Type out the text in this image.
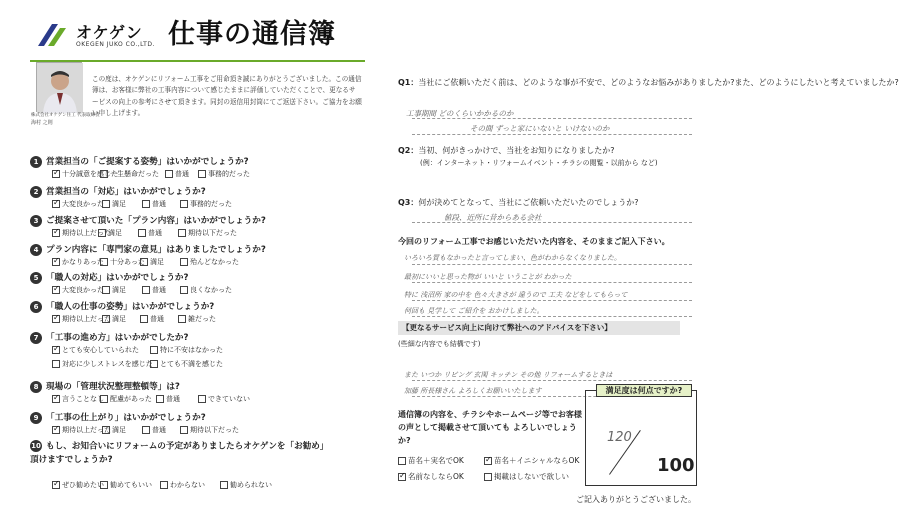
オケゲン
OKEGEN JUKO CO.,LTD. 仕事の通信簿
株式会社オケゲン住工 代表取締役
海村 之則
この度は、オケゲンにリフォーム工事をご用命頂き誠にありがとうございました。この通信簿は、お客様に弊社の工事内容について感じたままに評価していただくことで、更なるサービスの向上の参考にさせて頂きます。同封の返信用封筒にてご返送下さい。ご協力をお願い申し上げます。
1 営業担当の「ご提案する姿勢」はいかがでしょうか?
✓十分誠意を感じた
一生懸命だった	普通	事務的だった
2 営業担当の「対応」はいかがでしょうか?
✓大変良かった	満足	普通	事務的だった
3 ご提案させて頂いた「プラン内容」はいかがでしょうか?
✓期待以上だった
満足	普通	期待以下だった
4 プラン内容に「専門家の意見」はありましたでしょうか?
✓かなりあった 十分あった 満足	殆んどなかった
5 「職人の対応」はいかがでしょうか?
✓大変良かった	満足	普通	良くなかった
6 「職人の仕事の姿勢」はいかがでしょうか?
✓期待以上だった 満足	普通	雑だった
7 「工事の進め方」はいかがでしたか?
✓とても安心していられた	特に不安はなかった
対応に少しストレスを感じた	とても不満を感じた
8 現場の「管理状況整理整頓等」は?
✓言うことなし 配慮があった	普通	できていない
9 「工事の仕上がり」はいかがでしょうか?
✓期待以上だった 満足	普通	期待以下だった
10 もし、お知合いにリフォームの予定がありましたらオケゲンを「お勧め」頂けますでしょうか?
✓ぜひ勧めたい 勧めてもいい	わからない	勧められない
Q1：当社にご依頼いただく前は、どのような事が不安で、どのようなお悩みがありましたか?また、どのようにしたいと考えていましたか?
工事期間 どのくらいかかるのか
その間 ずっと家にいないと いけないのか
Q2：当初、何がきっかけで、当社をお知りになりましたか?
(例：インターネット・リフォームイベント・チラシの閲覧・以前から など)
Q3：何が決めてとなって、当社にご依頼いただいたのでしょうか?
値段、近所に昔からある会社
今回のリフォーム工事でお感じいただいた内容を、そのままご記入下さい。
いろいろ質もなかったと言ってしまい、色がわからなくなりました。
最初にいいと思った物が いいと いうことが わかった
特に 浅沼所 家の中を 色々大きさが 違うので 工夫 などをしてもらって
何回も 見学して ご紹介を おかけしました。
【更なるサービス向上に向けて弊社へのアドバイスを下さい】
(些細な内容でも結構です)
また いつか リビング 玄関 キッチン その他 リフォームするときは
加藤 所長様さん よろしくお願いいたします
通信簿の内容を、チラシやホームページ等でお客様の声として掲載させて頂いても よろしいでしょうか?
苗名＋実名でOK
✓	苗名＋イニシャルならOK
✓名前なしならOK	掲載はしないで欲しい
満足度は何点ですか?
120
100
ご記入ありがとうございました。
